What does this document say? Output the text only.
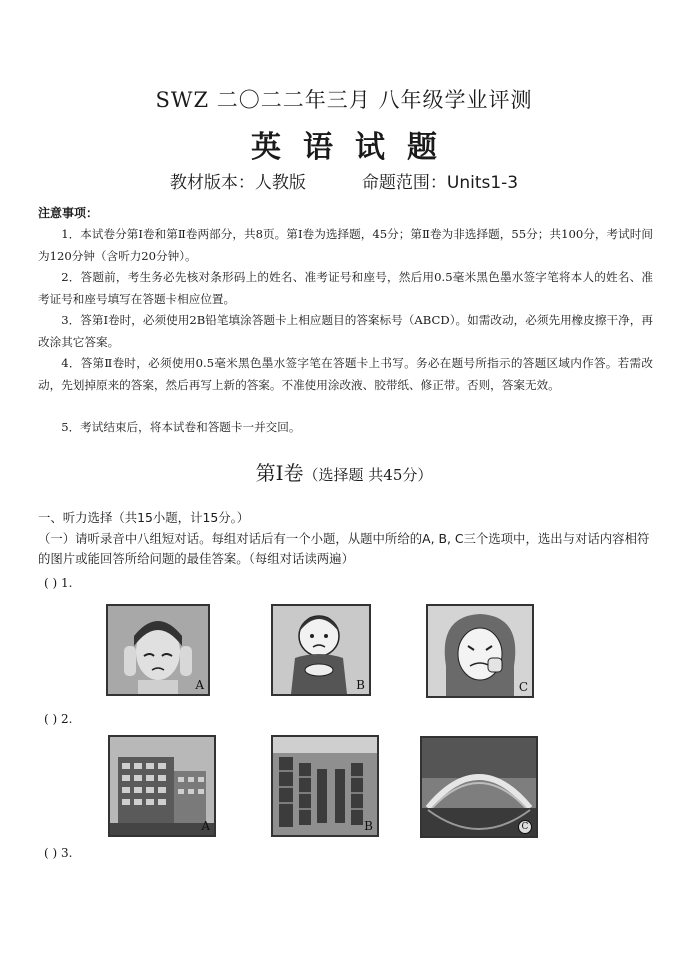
SWZ 二〇二二年三月 八年级学业评测
英语试题
教材版本：人教版	命题范围：Units1-3
注意事项：
1．本试卷分第Ⅰ卷和第Ⅱ卷两部分，共8页。第Ⅰ卷为选择题，45分；第Ⅱ卷为非选择题，55分；共100分，考试时间为120分钟（含听力20分钟）。
2．答题前，考生务必先核对条形码上的姓名、准考证号和座号，然后用0.5毫米黑色墨水签字笔将本人的姓名、准考证号和座号填写在答题卡相应位置。
3．答第Ⅰ卷时，必须使用2B铅笔填涂答题卡上相应题目的答案标号（ABCD）。如需改动，必须先用橡皮擦干净，再改涂其它答案。
4．答第Ⅱ卷时，必须使用0.5毫米黑色墨水签字笔在答题卡上书写。务必在题号所指示的答题区域内作答。若需改动，先划掉原来的答案，然后再写上新的答案。不准使用涂改液、胶带纸、修正带。否则，答案无效。
5．考试结束后，将本试卷和答题卡一并交回。
第I卷（选择题 共45分）
一、听力选择（共15小题，计15分。）
（一）请听录音中八组短对话。每组对话后有一个小题，从题中所给的A, B, C三个选项中，选出与对话内容相符的图片或能回答所给问题的最佳答案。（每组对话读两遍）
( ) 1.
A	B	C
( ) 2.
A	B	C
( ) 3.
